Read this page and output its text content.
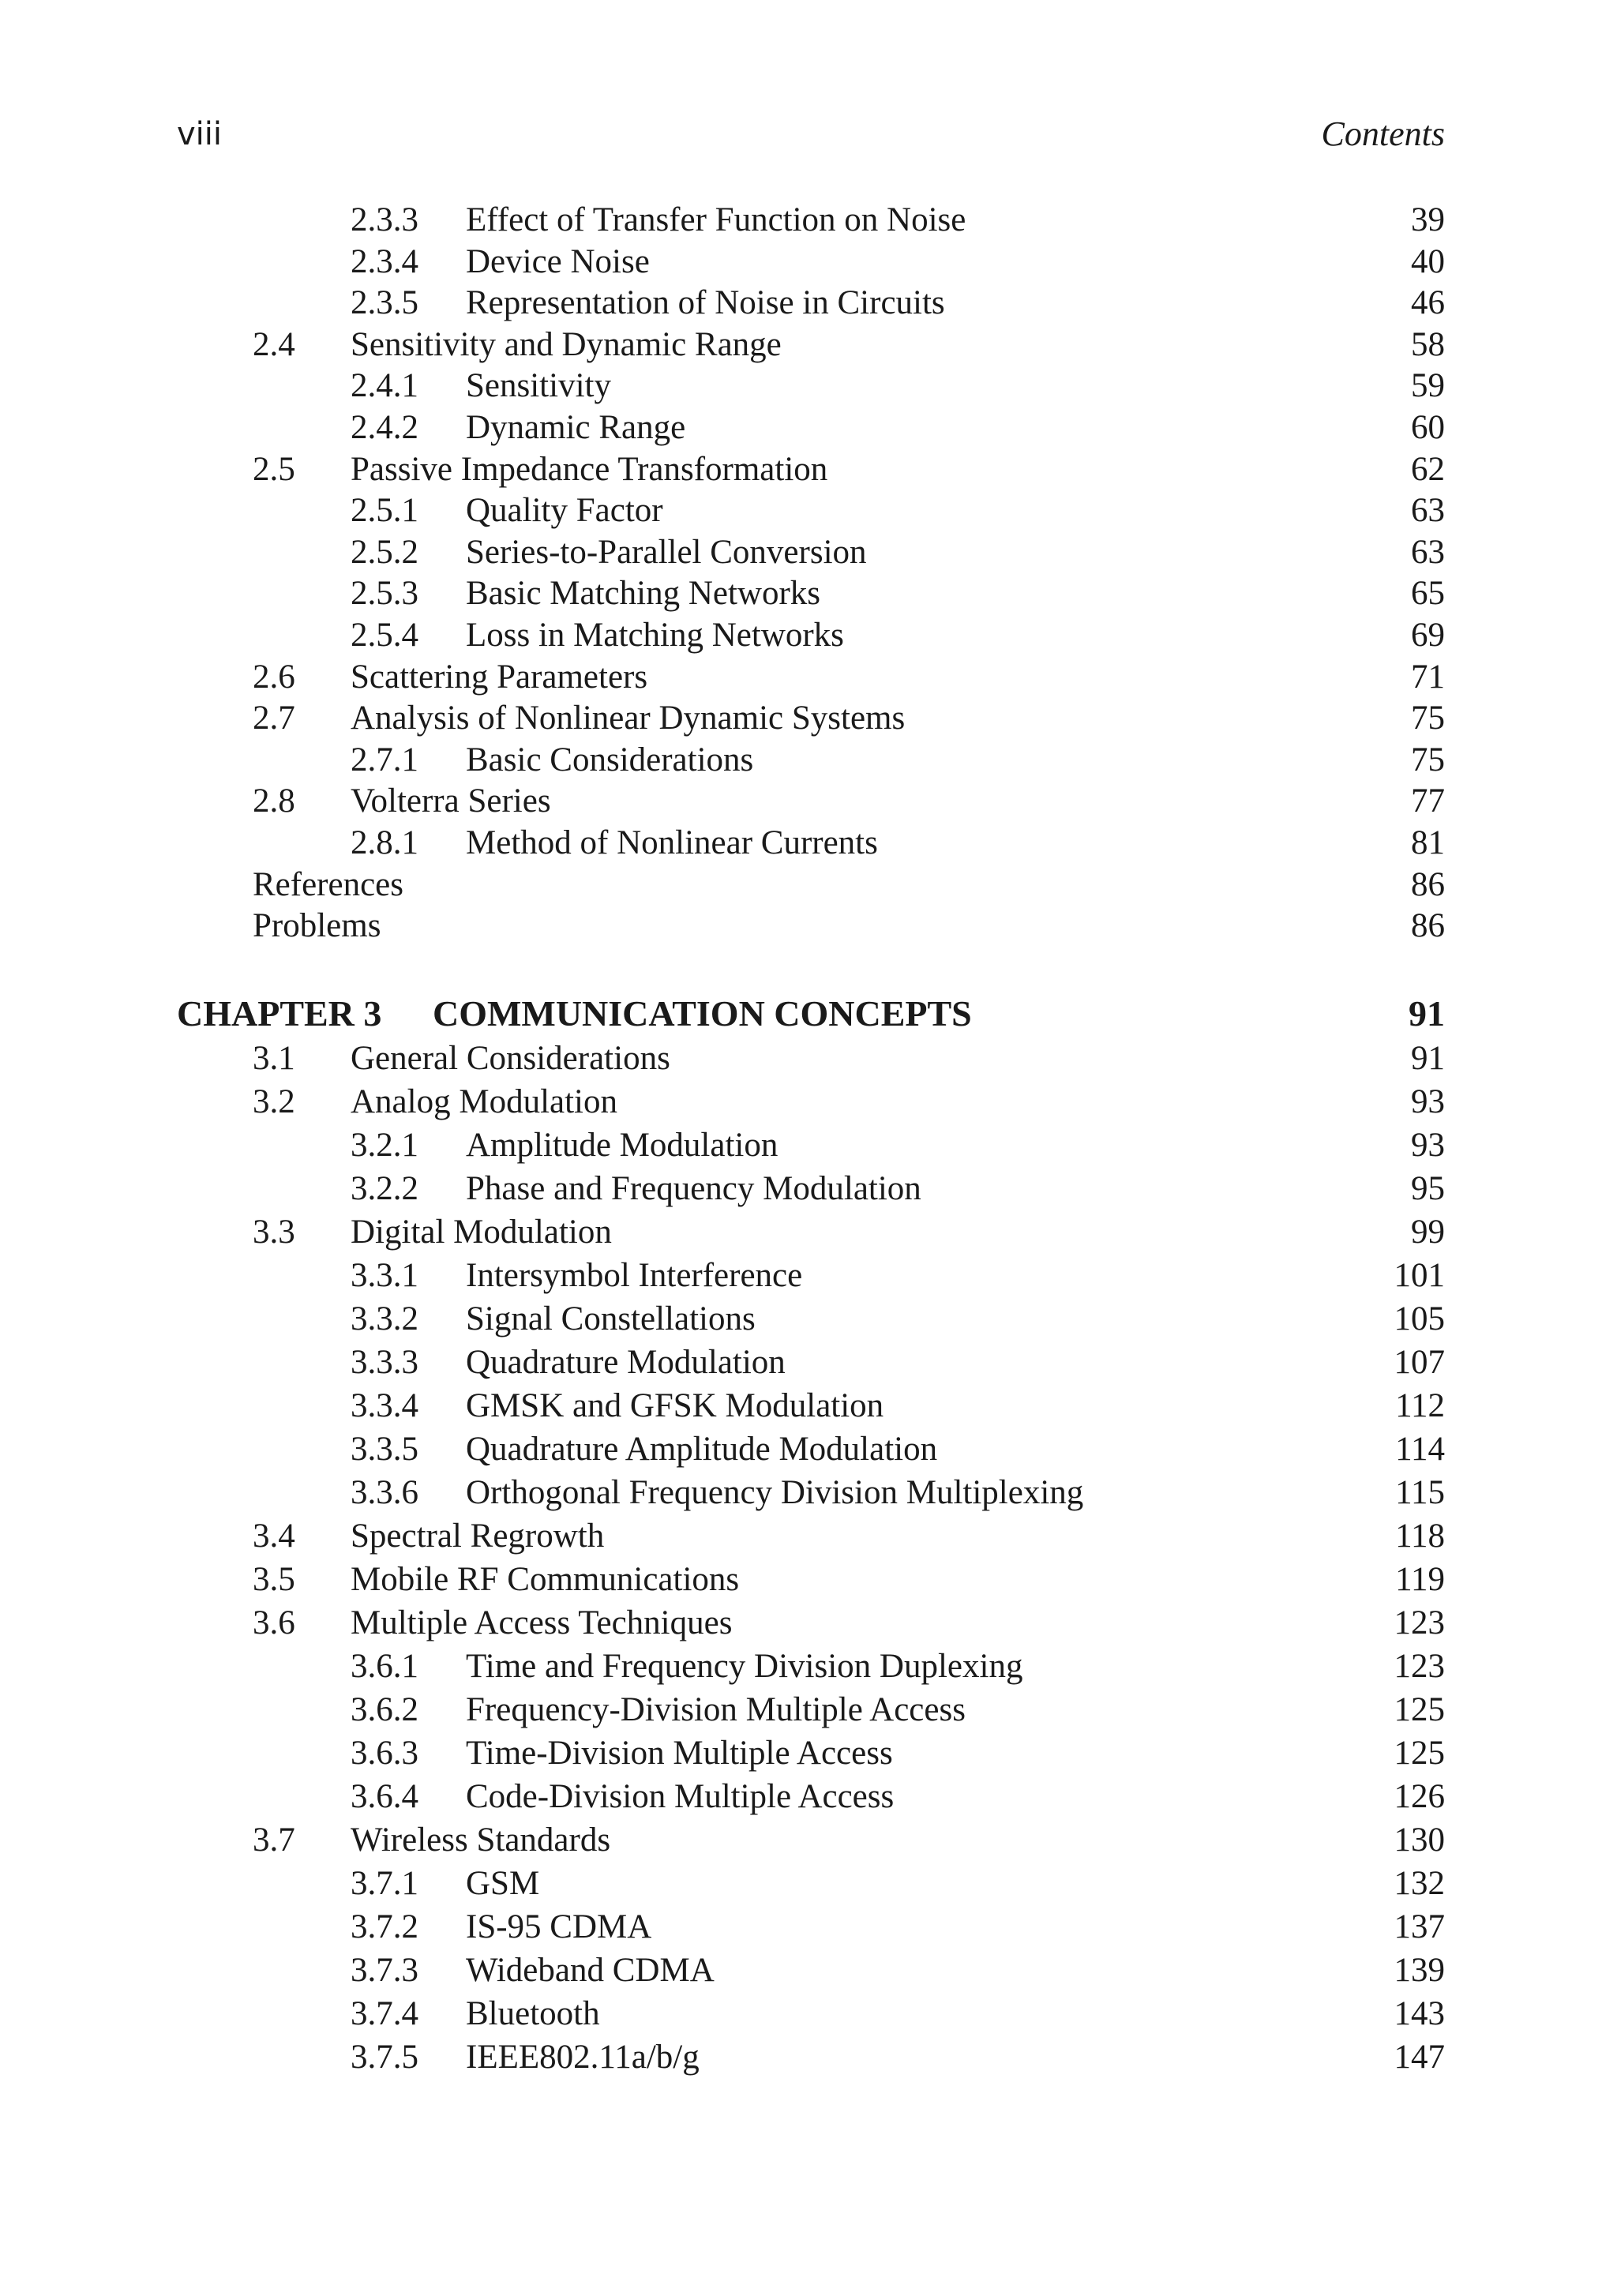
viii	Contents
2.3.3 Effect of Transfer Function on Noise	39
2.3.4 Device Noise	40
2.3.5 Representation of Noise in Circuits	46
2.4 Sensitivity and Dynamic Range	58
2.4.1 Sensitivity	59
2.4.2 Dynamic Range	60
2.5 Passive Impedance Transformation	62
2.5.1 Quality Factor	63
2.5.2 Series-to-Parallel Conversion	63
2.5.3 Basic Matching Networks	65
2.5.4 Loss in Matching Networks	69
2.6 Scattering Parameters	71
2.7 Analysis of Nonlinear Dynamic Systems	75
2.7.1 Basic Considerations	75
2.8 Volterra Series	77
2.8.1 Method of Nonlinear Currents	81
References	86
Problems	86
CHAPTER 3 COMMUNICATION CONCEPTS	91
3.1 General Considerations	91
3.2 Analog Modulation	93
3.2.1 Amplitude Modulation	93
3.2.2 Phase and Frequency Modulation	95
3.3 Digital Modulation	99
3.3.1 Intersymbol Interference	101
3.3.2 Signal Constellations	105
3.3.3 Quadrature Modulation	107
3.3.4 GMSK and GFSK Modulation	112
3.3.5 Quadrature Amplitude Modulation	114
3.3.6 Orthogonal Frequency Division Multiplexing	115
3.4 Spectral Regrowth	118
3.5 Mobile RF Communications	119
3.6 Multiple Access Techniques	123
3.6.1 Time and Frequency Division Duplexing	123
3.6.2 Frequency-Division Multiple Access	125
3.6.3 Time-Division Multiple Access	125
3.6.4 Code-Division Multiple Access	126
3.7 Wireless Standards	130
3.7.1 GSM	132
3.7.2 IS-95 CDMA	137
3.7.3 Wideband CDMA	139
3.7.4 Bluetooth	143
3.7.5 IEEE802.11a/b/g	147
